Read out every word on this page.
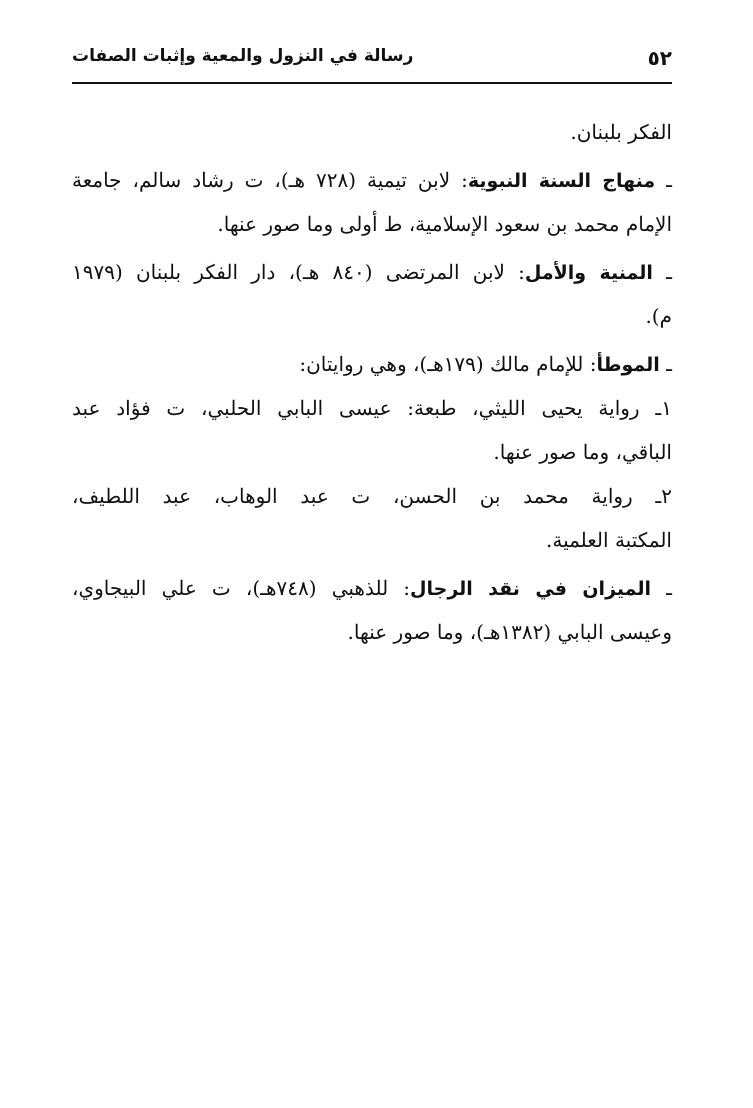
٥٢
رسالة في النزول والمعية وإثبات الصفات
الفكر بلبنان.
ـ منهاج السنة النبوية: لابن تيمية (٧٢٨ هـ)، ت رشاد سالم، جامعة
الإمام محمد بن سعود الإسلامية، ط أولى وما صور عنها.
ـ المنية والأمل: لابن المرتضى (٨٤٠ هـ)، دار الفكر بلبنان (١٩٧٩
م).
ـ الموطأ: للإمام مالك (١٧٩هـ)، وهي روايتان:
١ـ رواية يحيى الليثي، طبعة: عيسى البابي الحلبي، ت فؤاد عبد
الباقي، وما صور عنها.
٢ـ رواية محمد بن الحسن، ت عبد الوهاب، عبد اللطيف،
المكتبة العلمية.
ـ الميزان في نقد الرجال: للذهبي (٧٤٨هـ)، ت علي البيجاوي،
وعيسى البابي (١٣٨٢هـ)، وما صور عنها.
